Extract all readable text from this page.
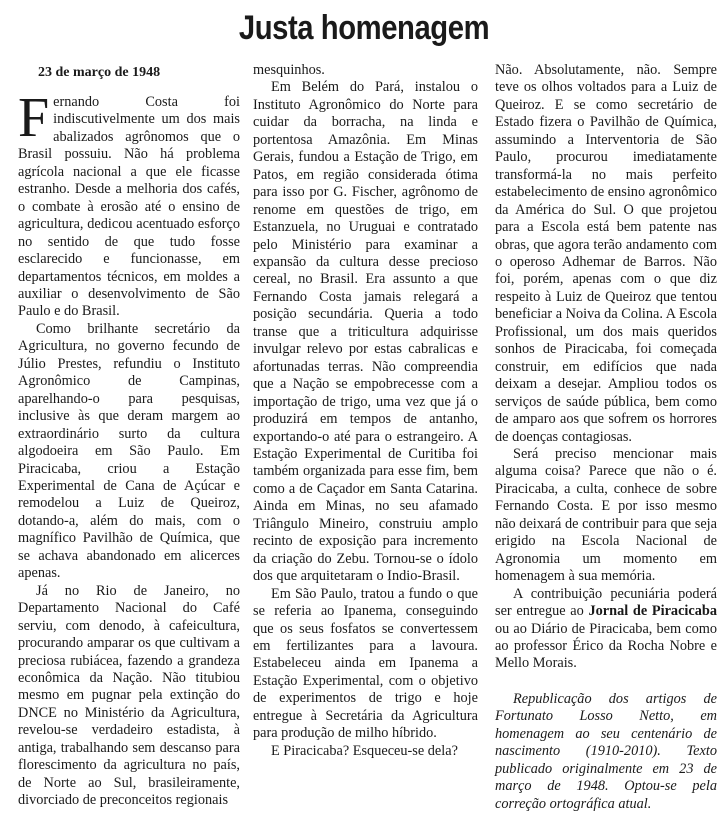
Justa homenagem
23 de março de 1948

Fernando Costa foi indiscutivelmente um dos mais abalizados agrônomos que o Brasil possuiu. Não há problema agrícola nacional a que ele ficasse estranho. Desde a melhoria dos cafés, o combate à erosão até o ensino de agricultura, dedicou acentuado esforço no sentido de que tudo fosse esclarecido e funcionasse, em departamentos técnicos, em moldes a auxiliar o desenvolvimento de São Paulo e do Brasil.

Como brilhante secretário da Agricultura, no governo fecundo de Júlio Prestes, refundiu o Instituto Agronômico de Campinas, aparelhando-o para pesquisas, inclusive às que deram margem ao extraordinário surto da cultura algodoeira em São Paulo. Em Piracicaba, criou a Estação Experimental de Cana de Açúcar e remodelou a Luiz de Queiroz, dotando-a, além do mais, com o magnífico Pavilhão de Química, que se achava abandonado em alicerces apenas.

Já no Rio de Janeiro, no Departamento Nacional do Café serviu, com denodo, à cafeicultura, procurando amparar os que cultivam a preciosa rubiácea, fazendo a grandeza econômica da Nação. Não titubiou mesmo em pugnar pela extinção do DNCE no Ministério da Agricultura, revelou-se verdadeiro estadista, à antiga, trabalhando sem descanso para florescimento da agricultura no país, de Norte ao Sul, brasileiramente, divorciado de preconceitos regionais

mesquinhos.

Em Belém do Pará, instalou o Instituto Agronômico do Norte para cuidar da borracha, na linda e portentosa Amazônia. Em Minas Gerais, fundou a Estação de Trigo, em Patos, em região considerada ótima para isso por G. Fischer, agrônomo de renome em questões de trigo, em Estanzuela, no Uruguai e contratado pelo Ministério para examinar a expansão da cultura desse precioso cereal, no Brasil. Era assunto a que Fernando Costa jamais relegará a posição secundária. Queria a todo transe que a triticultura adquirisse invulgar relevo por estas cabralicas e afortunadas terras. Não compreendia que a Nação se empobrecesse com a importação de trigo, uma vez que já o produzirá em tempos de antanho, exportando-o até para o estrangeiro. A Estação Experimental de Curitiba foi também organizada para esse fim, bem como a de Caçador em Santa Catarina. Ainda em Minas, no seu afamado Triângulo Mineiro, construiu amplo recinto de exposição para incremento da criação do Zebu. Tornou-se o ídolo dos que arquitetaram o Indio-Brasil.

Em São Paulo, tratou a fundo o que se referia ao Ipanema, conseguindo que os seus fosfatos se convertessem em fertilizantes para a lavoura. Estabeleceu ainda em Ipanema a Estação Experimental, com o objetivo de experimentos de trigo e hoje entregue à Secretária da Agricultura para produção de milho híbrido.

E Piracicaba? Esqueceu-se dela?

Não. Absolutamente, não. Sempre teve os olhos voltados para a Luiz de Queiroz. E se como secretário de Estado fizera o Pavilhão de Química, assumindo a Interventoria de São Paulo, procurou imediatamente transformá-la no mais perfeito estabelecimento de ensino agronômico da América do Sul. O que projetou para a Escola está bem patente nas obras, que agora terão andamento com o operoso Adhemar de Barros. Não foi, porém, apenas com o que diz respeito à Luiz de Queiroz que tentou beneficiar a Noiva da Colina. A Escola Profissional, um dos mais queridos sonhos de Piracicaba, foi começada construir, em edifícios que nada deixam a desejar. Ampliou todos os serviços de saúde pública, bem como de amparo aos que sofrem os horrores de doenças contagiosas.

Será preciso mencionar mais alguma coisa? Parece que não o é. Piracicaba, a culta, conhece de sobre Fernando Costa. E por isso mesmo não deixará de contribuir para que seja erigido na Escola Nacional de Agronomia um momento em homenagem à sua memória.

A contribuição pecuniária poderá ser entregue ao Jornal de Piracicaba ou ao Diário de Piracicaba, bem como ao professor Érico da Rocha Nobre e Mello Morais.

Republicação dos artigos de Fortunato Losso Netto, em homenagem ao seu centenário de nascimento (1910-2010). Texto publicado originalmente em 23 de março de 1948. Optou-se pela correção ortográfica atual.
